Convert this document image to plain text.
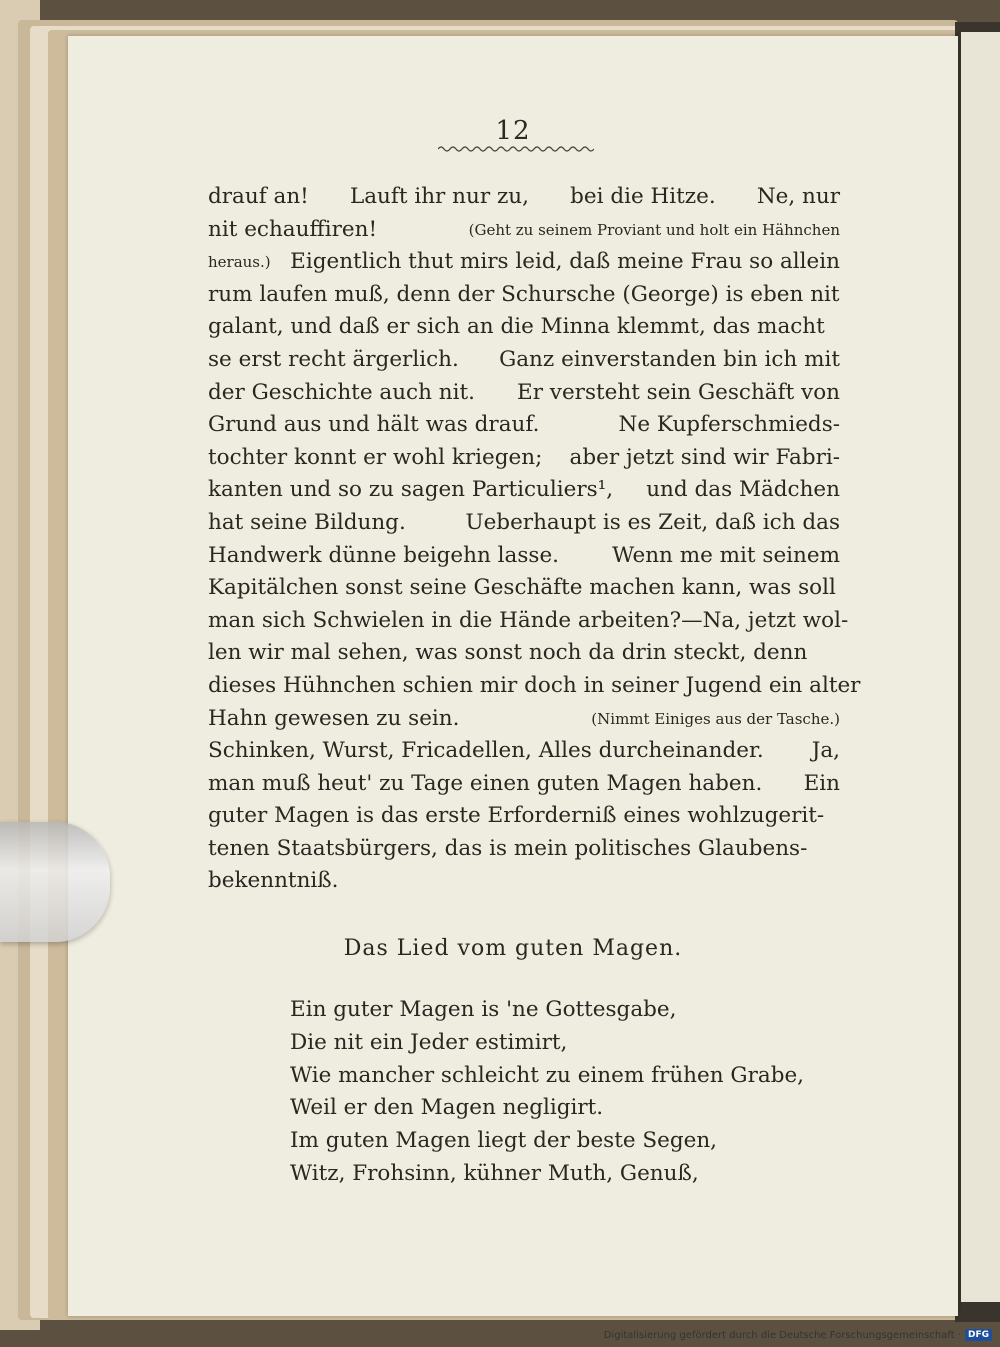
12
drauf an! Lauft ihr nur zu, bei die Hitze. Ne, nur
nit echauffiren!	(Geht zu seinem Proviant und holt ein Hähnchen
heraus.) Eigentlich thut mirs leid, daß meine Frau so allein
rum laufen muß, denn der Schursche (George) is eben nit
galant, und daß er sich an die Minna klemmt, das macht
se erst recht ärgerlich. Ganz einverstanden bin ich mit
der Geschichte auch nit. Er versteht sein Geschäft von
Grund aus und hält was drauf.	Ne Kupferschmieds-
tochter konnt er wohl kriegen; aber jetzt sind wir Fabri-
kanten und so zu sagen Particuliers¹, und das Mädchen
hat seine Bildung.	Ueberhaupt is es Zeit, daß ich das
Handwerk dünne beigehn lasse. Wenn me mit seinem
Kapitälchen sonst seine Geschäfte machen kann, was soll
man sich Schwielen in die Hände arbeiten?— Na, jetzt wol-
len wir mal sehen, was sonst noch da drin steckt, denn
dieses Hühnchen schien mir doch in seiner Jugend ein alter
Hahn gewesen zu sein.	(Nimmt Einiges aus der Tasche.)
Schinken, Wurst, Fricadellen, Alles durcheinander. Ja,
man muß heut' zu Tage einen guten Magen haben. Ein
guter Magen is das erste Erforderniß eines wohlzugerit-
tenen Staatsbürgers, das is mein politisches Glaubens-
bekenntniß.
Das Lied vom guten Magen.
Ein guter Magen is 'ne Gottesgabe,
Die nit ein Jeder estimirt,
Wie mancher schleicht zu einem frühen Grabe,
Weil er den Magen negligirt.
Im guten Magen liegt der beste Segen,
Witz, Frohsinn, kühner Muth, Genuß,
Digitalisierung gefördert durch die Deutsche Forschungsgemeinschaft · DFG
